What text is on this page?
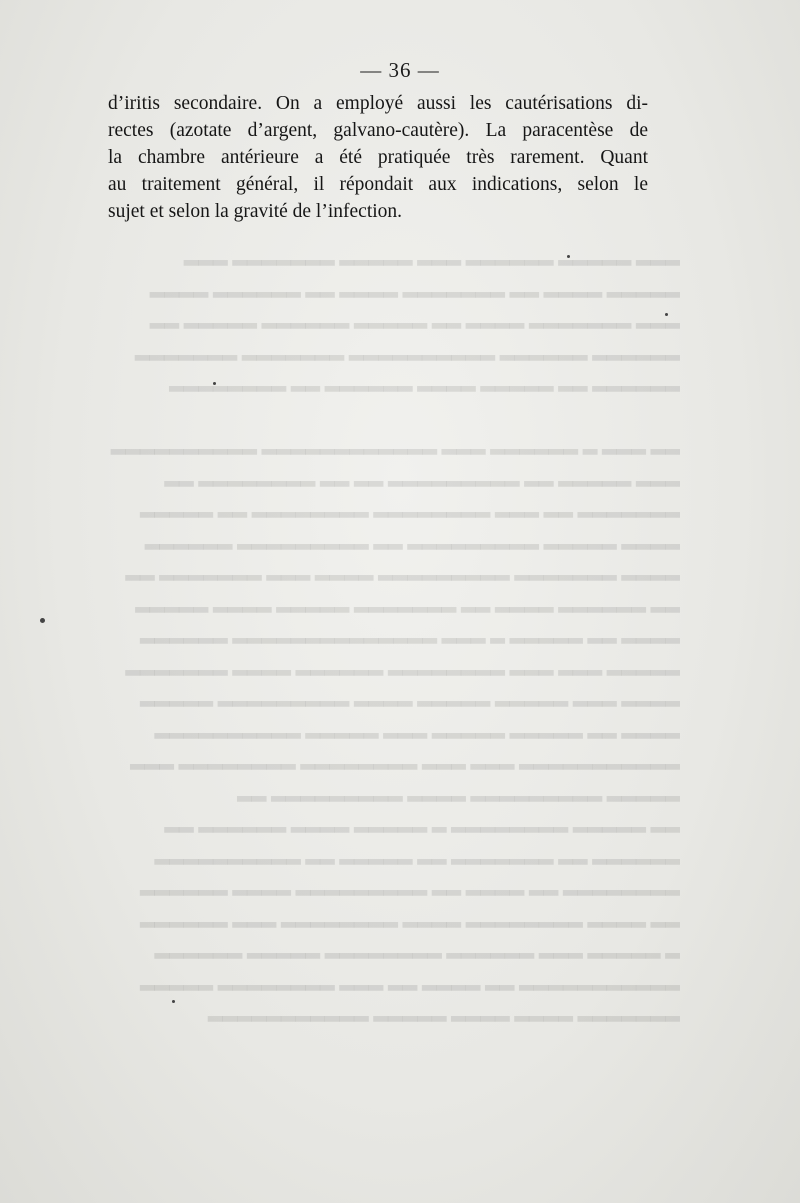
▂▂▂ ▂▂▂▂▂ ▂▂▂▂▂▂ ▂▂▂ ▂▂▂▂▂ ▂▂▂▂▂▂▂ ▂▂▂
▂▂▂▂▂ ▂▂▂▂ ▂▂ ▂▂▂▂▂▂▂ ▂▂▂▂ ▂▂ ▂▂▂▂▂▂ ▂▂▂▂
▂▂▂ ▂▂▂▂▂▂▂ ▂▂▂▂ ▂▂ ▂▂▂▂▂ ▂▂▂▂▂▂ ▂▂▂▂▂ ▂▂
▂▂▂▂▂▂ ▂▂▂▂▂▂ ▂▂▂▂▂▂▂▂▂▂ ▂▂▂▂▂▂▂ ▂▂▂▂▂▂▂
▂▂▂▂▂▂ ▂▂ ▂▂▂▂▂ ▂▂▂▂ ▂▂▂▂▂▂ ▂▂ ▂▂▂▂▂▂▂▂
▂▂ ▂▂▂ ▂ ▂▂▂▂▂▂ ▂▂▂ ▂▂▂▂▂▂▂▂▂▂▂▂ ▂▂▂▂▂▂▂▂▂▂
▂▂▂ ▂▂▂▂▂ ▂▂ ▂▂▂▂▂▂▂▂▂ ▂▂ ▂▂ ▂▂▂▂▂▂▂▂ ▂▂
▂▂▂▂▂▂▂ ▂▂ ▂▂▂ ▂▂▂▂▂▂▂▂ ▂▂▂▂▂▂▂▂ ▂▂ ▂▂▂▂▂
▂▂▂▂ ▂▂▂▂▂ ▂▂▂▂▂▂▂▂▂ ▂▂ ▂▂▂▂▂▂▂▂▂ ▂▂▂▂▂▂
▂▂▂▂ ▂▂▂▂▂▂▂ ▂▂▂▂▂▂▂▂▂ ▂▂▂▂ ▂▂▂ ▂▂▂▂▂▂▂ ▂▂
▂▂ ▂▂▂▂▂▂ ▂▂▂▂ ▂▂ ▂▂▂▂▂▂▂ ▂▂▂▂▂ ▂▂▂▂ ▂▂▂▂▂
▂▂▂▂ ▂▂ ▂▂▂▂▂ ▂ ▂▂▂ ▂▂▂▂▂▂▂▂▂▂▂▂▂▂ ▂▂▂▂▂▂
▂▂▂▂▂ ▂▂▂ ▂▂▂ ▂▂▂▂▂▂▂▂ ▂▂▂▂▂▂ ▂▂▂▂ ▂▂▂▂▂▂▂
▂▂▂▂ ▂▂▂ ▂▂▂▂▂ ▂▂▂▂▂ ▂▂▂▂ ▂▂▂▂▂▂▂▂▂ ▂▂▂▂▂
▂▂▂▂ ▂▂ ▂▂▂▂▂ ▂▂▂▂▂ ▂▂▂ ▂▂▂▂▂ ▂▂▂▂▂▂▂▂▂▂
▂▂▂▂▂▂▂▂▂▂▂ ▂▂▂ ▂▂▂ ▂▂▂▂▂▂▂▂ ▂▂▂▂▂▂▂▂ ▂▂▂
▂▂▂▂▂ ▂▂▂▂▂▂▂▂▂ ▂▂▂▂ ▂▂▂▂▂▂▂▂▂ ▂▂
▂▂ ▂▂▂▂▂ ▂▂▂▂▂▂▂▂ ▂ ▂▂▂▂▂ ▂▂▂▂ ▂▂▂▂▂▂ ▂▂
▂▂▂▂▂▂ ▂▂ ▂▂▂▂▂▂▂ ▂▂ ▂▂▂▂▂ ▂▂ ▂▂▂▂▂▂▂▂▂▂
▂▂▂▂▂▂▂▂ ▂▂ ▂▂▂▂ ▂▂ ▂▂▂▂▂▂▂▂▂ ▂▂▂▂ ▂▂▂▂▂▂
▂▂ ▂▂▂▂ ▂▂▂▂▂▂▂▂ ▂▂▂▂ ▂▂▂▂▂▂▂▂ ▂▂▂ ▂▂▂▂▂▂
▂ ▂▂▂▂▂ ▂▂▂ ▂▂▂▂▂▂ ▂▂▂▂▂▂▂▂ ▂▂▂▂▂ ▂▂▂▂▂▂
▂▂▂▂▂▂▂▂▂▂▂ ▂▂ ▂▂▂▂ ▂▂ ▂▂▂ ▂▂▂▂▂▂▂▂ ▂▂▂▂▂
▂▂▂▂▂▂▂ ▂▂▂▂ ▂▂▂▂ ▂▂▂▂▂ ▂▂▂▂▂▂▂▂▂▂▂
— 36 —
d’iritis secondaire. On a employé aussi les cautérisations di-
rectes (azotate d’argent, galvano-cautère). La paracentèse de
la chambre antérieure a été pratiquée très rarement. Quant
au traitement général, il répondait aux indications, selon le
sujet et selon la gravité de l’infection.
